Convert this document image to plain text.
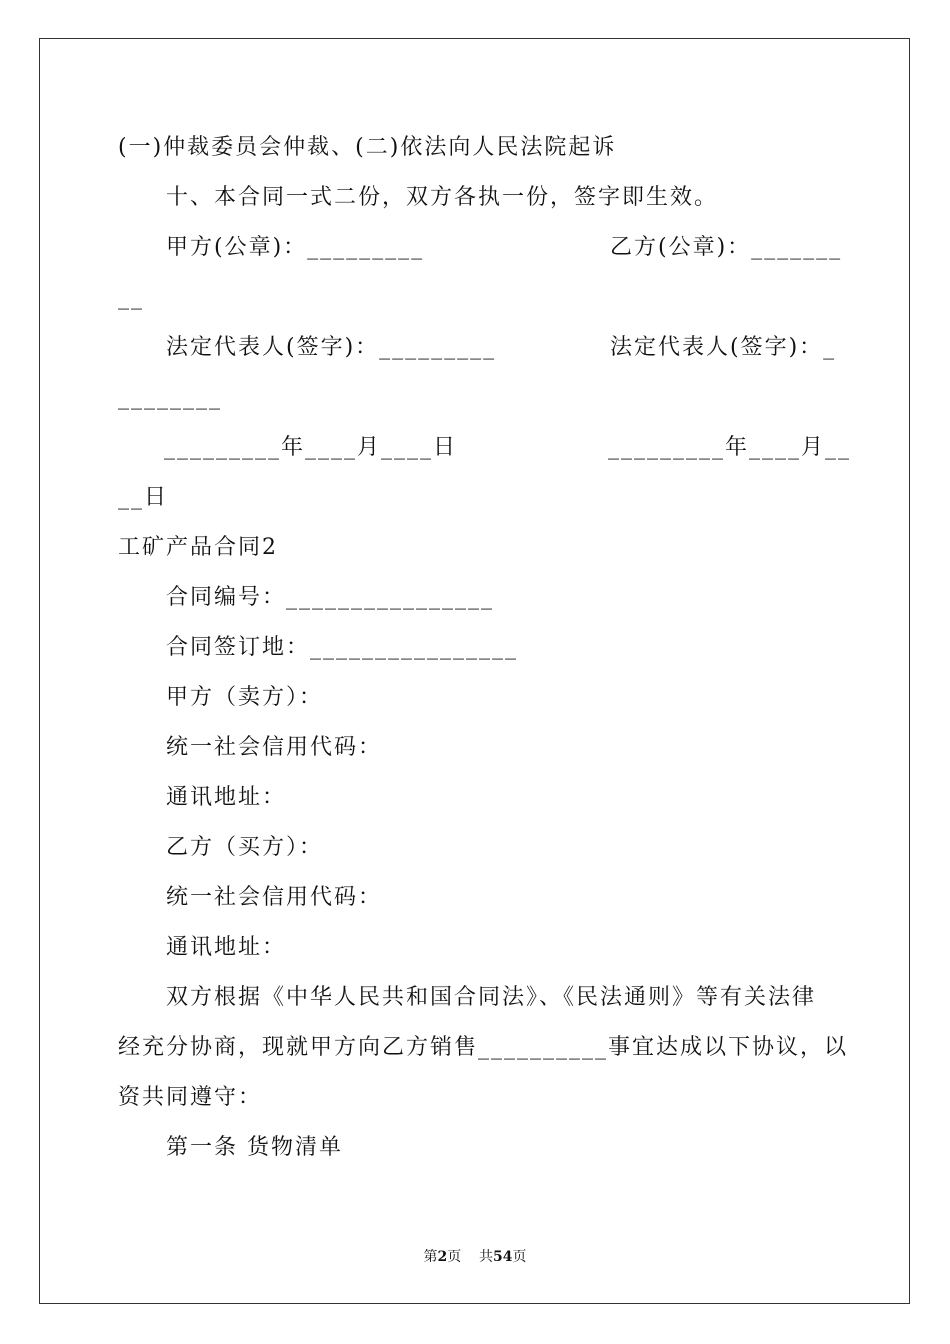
(一)仲裁委员会仲裁、(二)依法向人民法院起诉
十、本合同一式二份，双方各执一份，签字即生效。
甲方(公章)：_________	乙方(公章)：_______
__
法定代表人(签字)：_________	法定代表人(签字)：_
________
_________年____月____日	_________年____月__
__日
工矿产品合同2
合同编号：________________
合同签订地：________________
甲方（卖方）：
统一社会信用代码：
通讯地址：
乙方（买方）：
统一社会信用代码：
通讯地址：
双方根据《中华人民共和国合同法》、《民法通则》等有关法律
经充分协商，现就甲方向乙方销售__________事宜达成以下协议，以
资共同遵守：
第一条 货物清单
第2页 共54页
